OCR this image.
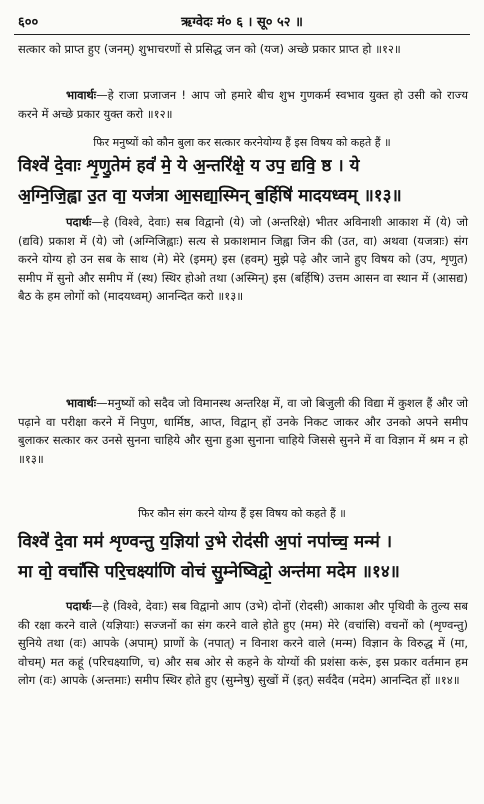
६००	ऋग्वेदः मं० ६ । सू० ५२ ॥

सत्कार को प्राप्त हुए (जनम्) शुभाचरणों से प्रसिद्ध जन को (यज) अच्छे प्रकार प्राप्त हो ॥१२॥

भावार्थः—हे राजा प्रजाजन ! आप जो हमारे बीच शुभ गुणकर्म स्वभाव युक्त हो उसी को राज्य करने में अच्छे प्रकार युक्त करो ॥१२॥

फिर मनुष्यों को कौन बुला कर सत्कार करनेयोग्य हैं इस विषय को कहते हैं ॥
विश्वे॑ दे॒वाः शृ॒णु॒तेमं हवं॑ मे॒ ये अ॒न्तरि॑क्षे॒ य उप॒ द्यवि॒ ष्ठ । ये
अ॒ग्नि॒जि॒ह्वा उ॒त वा॒ यज॑त्रा आ॒सद्या॒स्मिन् ब॒र्हिषि॑ मादयध्वम् ॥१३॥

पदार्थः—हे (विश्वे, देवाः) सब विद्वानो (ये) जो (अन्तरिक्षे) भीतर अविनाशी आकाश में (ये) जो (द्यवि) प्रकाश में (ये) जो (अग्निजिह्वाः) सत्य से प्रकाशमान जिह्वा जिन की (उत, वा) अथवा (यजत्राः) संग करने योग्य हो उन सब के साथ (मे) मेरे (इमम्) इस (हवम्) मुझे पढ़े और जाने हुए विषय को (उप, शृणुत) समीप में सुनो और समीप में (स्थ) स्थिर होओ तथा (अस्मिन्) इस (बर्हिषि) उत्तम आसन वा स्थान में (आसद्य) बैठ के हम लोगों को (मादयध्वम्) आनन्दित करो ॥१३॥

भावार्थः—मनुष्यों को सदैव जो विमानस्थ अन्तरिक्ष में, वा जो बिजुली की विद्या में कुशल हैं और जो पढ़ाने वा परीक्षा करने में निपुण, धार्मिष्ठ, आप्त, विद्वान् हों उनके निकट जाकर और उनको अपने समीप बुलाकर सत्कार कर उनसे सुनना चाहिये और सुना हुआ सुनाना चाहिये जिससे सुनने में वा विज्ञान में श्रम न हो ॥१३॥

फिर कौन संग करने योग्य हैं इस विषय को कहते हैं ॥
विश्वे॑ दे॒वा मम॑ शृण्वन्तु य॒ज्ञिया॑ उ॒भे रोद॑सी अ॒पां नपा॑च्च॒ मन्म॑ ।
मा वो॒ वचां॑सि परि॒चक्ष्या॑णि वोचं सु॒म्नेष्विद्वो॒ अन्त॑मा मदेम ॥१४॥

पदार्थः—हे (विश्वे, देवाः) सब विद्वानो आप (उभे) दोनों (रोदसी) आकाश और पृथिवी के तुल्य सब की रक्षा करने वाले (यज्ञियाः) सज्जनों का संग करने वाले होते हुए (मम) मेरे (वचांसि) वचनों को (शृण्वन्तु) सुनिये तथा (वः) आपके (अपाम्) प्राणों के (नपात्) न विनाश करने वाले (मन्म) विज्ञान के विरुद्ध में (मा, वोचम्) मत कहूं (परिचक्ष्याणि, च) और सब ओर से कहने के योग्यों की प्रशंसा करूं, इस प्रकार वर्तमान हम लोग (वः) आपके (अन्तमाः) समीप स्थिर होते हुए (सुम्नेषु) सुखों में (इत्) सर्वदैव (मदेम) आनन्दित हों ॥१४॥
